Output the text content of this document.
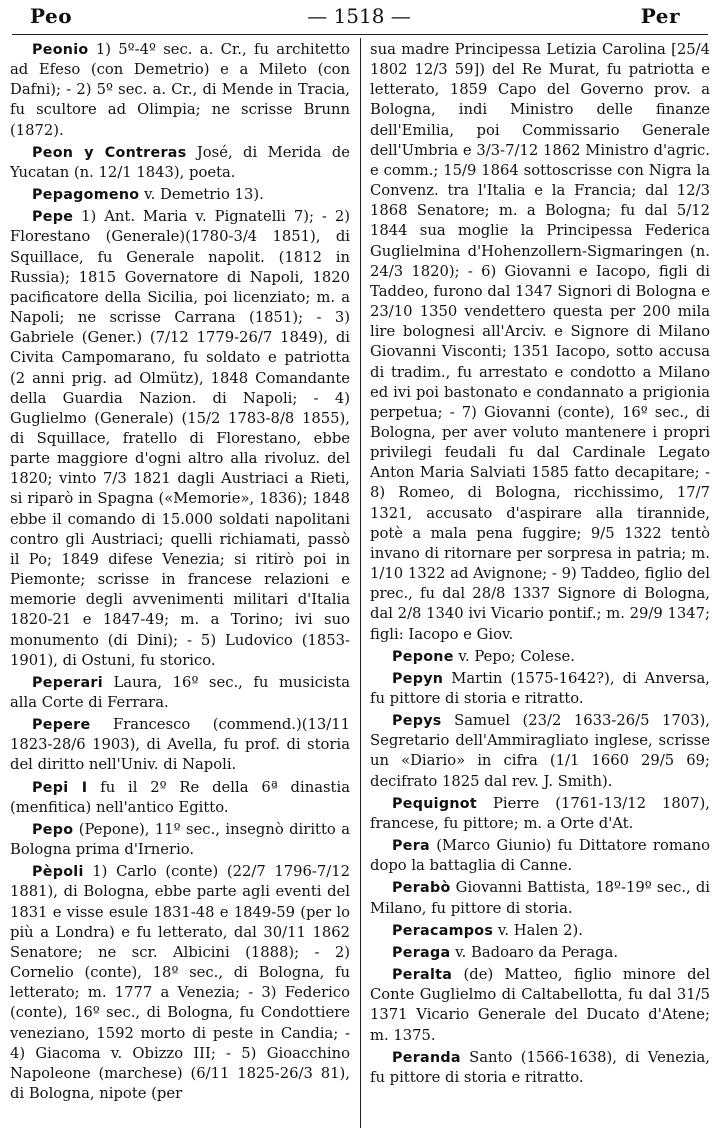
Peo	— 1518 —	Per

Peonio 1) 5º-4º sec. a. Cr., fu architetto ad Efeso (con Demetrio) e a Mileto (con Dafni); - 2) 5º sec. a. Cr., di Mende in Tracia, fu scultore ad Olimpia; ne scrisse Brunn (1872).

Peon y Contreras José, di Merida de Yucatan (n. 12/1 1843), poeta.

Pepagomeno v. Demetrio 13).

Pepe 1) Ant. Maria v. Pignatelli 7); - 2) Florestano (Generale)(1780-3/4 1851), di Squillace, fu Generale napolit. (1812 in Russia); 1815 Governatore di Napoli, 1820 pacificatore della Sicilia, poi licenziato; m. a Napoli; ne scrisse Carrana (1851); - 3) Gabriele (Gener.) (7/12 1779-26/7 1849), di Civita Campomarano, fu soldato e patriotta (2 anni prig. ad Olmütz), 1848 Comandante della Guardia Nazion. di Napoli; - 4) Guglielmo (Generale) (15/2 1783-8/8 1855), di Squillace, fratello di Florestano, ebbe parte maggiore d'ogni altro alla rivoluz. del 1820; vinto 7/3 1821 dagli Austriaci a Rieti, si riparò in Spagna («Memorie», 1836); 1848 ebbe il comando di 15.000 soldati napolitani contro gli Austriaci; quelli richiamati, passò il Po; 1849 difese Venezia; si ritirò poi in Piemonte; scrisse in francese relazioni e memorie degli avvenimenti militari d'Italia 1820-21 e 1847-49; m. a Torino; ivi suo monumento (di Dini); - 5) Ludovico (1853-1901), di Ostuni, fu storico.

Peperari Laura, 16º sec., fu musicista alla Corte di Ferrara.

Pepere Francesco (commend.)(13/11 1823-28/6 1903), di Avella, fu prof. di storia del diritto nell'Univ. di Napoli.

Pepi I fu il 2º Re della 6ª dinastia (menfitica) nell'antico Egitto.

Pepo (Pepone), 11º sec., insegnò diritto a Bologna prima d'Irnerio.

Pèpoli 1) Carlo (conte) (22/7 1796-7/12 1881), di Bologna, ebbe parte agli eventi del 1831 e visse esule 1831-48 e 1849-59 (per lo più a Londra) e fu letterato, dal 30/11 1862 Senatore; ne scr. Albicini (1888); - 2) Cornelio (conte), 18º sec., di Bologna, fu letterato; m. 1777 a Venezia; - 3) Federico (conte), 16º sec., di Bologna, fu Condottiere veneziano, 1592 morto di peste in Candia; - 4) Giacoma v. Obizzo III; - 5) Gioacchino Napoleone (marchese) (6/11 1825-26/3 81), di Bologna, nipote (per

sua madre Principessa Letizia Carolina [25/4 1802 12/3 59]) del Re Murat, fu patriotta e letterato, 1859 Capo del Governo prov. a Bologna, indi Ministro delle finanze dell'Emilia, poi Commissario Generale dell'Umbria e 3/3-7/12 1862 Ministro d'agric. e comm.; 15/9 1864 sottoscrisse con Nigra la Convenz. tra l'Italia e la Francia; dal 12/3 1868 Senatore; m. a Bologna; fu dal 5/12 1844 sua moglie la Principessa Federica Guglielmina d'Hohenzollern-Sigmaringen (n. 24/3 1820); - 6) Giovanni e Iacopo, figli di Taddeo, furono dal 1347 Signori di Bologna e 23/10 1350 vendettero questa per 200 mila lire bolognesi all'Arciv. e Signore di Milano Giovanni Visconti; 1351 Iacopo, sotto accusa di tradim., fu arrestato e condotto a Milano ed ivi poi bastonato e condannato a prigionia perpetua; - 7) Giovanni (conte), 16º sec., di Bologna, per aver voluto mantenere i propri privilegi feudali fu dal Cardinale Legato Anton Maria Salviati 1585 fatto decapitare; - 8) Romeo, di Bologna, ricchissimo, 17/7 1321, accusato d'aspirare alla tirannide, potè a mala pena fuggire; 9/5 1322 tentò invano di ritornare per sorpresa in patria; m. 1/10 1322 ad Avignone; - 9) Taddeo, figlio del prec., fu dal 28/8 1337 Signore di Bologna, dal 2/8 1340 ivi Vicario pontif.; m. 29/9 1347; figli: Iacopo e Giov.

Pepone v. Pepo; Colese.

Pepyn Martin (1575-1642?), di Anversa, fu pittore di storia e ritratto.

Pepys Samuel (23/2 1633-26/5 1703), Segretario dell'Ammiragliato inglese, scrisse un «Diario» in cifra (1/1 1660 29/5 69; decifrato 1825 dal rev. J. Smith).

Pequignot Pierre (1761-13/12 1807), francese, fu pittore; m. a Orte d'At.

Pera (Marco Giunio) fu Dittatore romano dopo la battaglia di Canne.

Perabò Giovanni Battista, 18º-19º sec., di Milano, fu pittore di storia.

Peracampos v. Halen 2).

Peraga v. Badoaro da Peraga.

Peralta (de) Matteo, figlio minore del Conte Guglielmo di Caltabellotta, fu dal 31/5 1371 Vicario Generale del Ducato d'Atene; m. 1375.

Peranda Santo (1566-1638), di Venezia, fu pittore di storia e ritratto.
